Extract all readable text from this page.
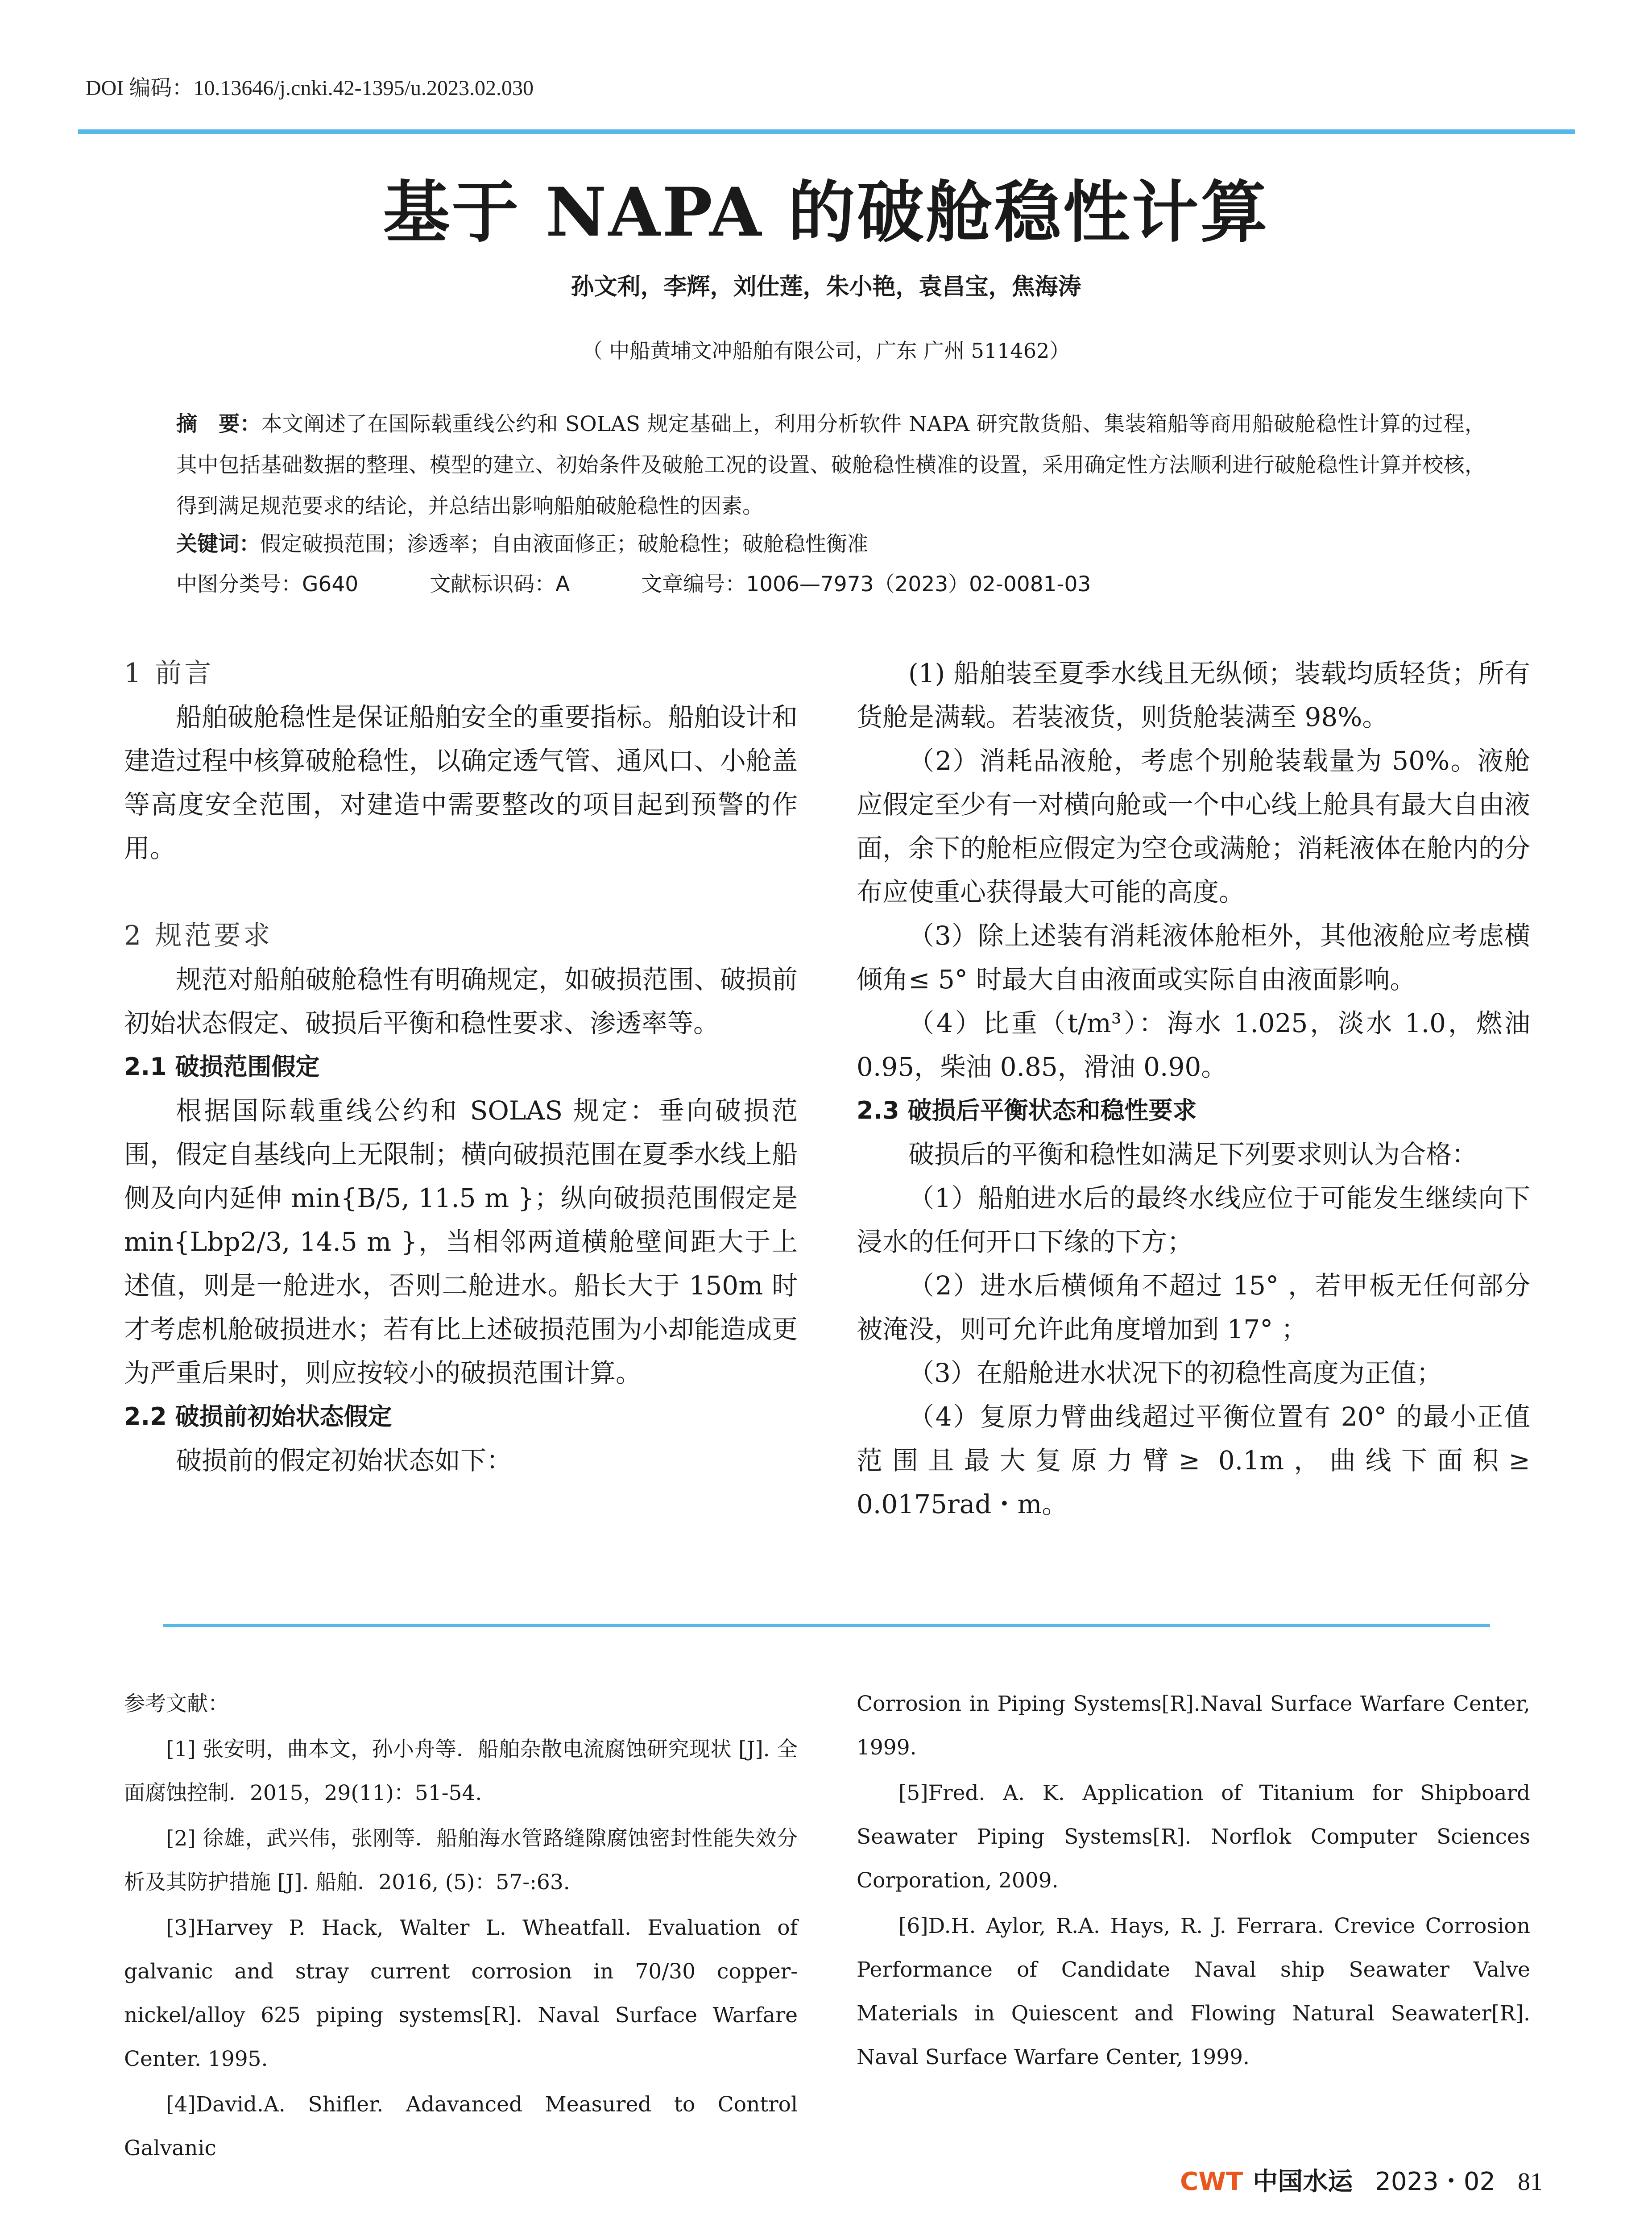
DOI 编码：10.13646/j.cnki.42-1395/u.2023.02.030
基于 NAPA 的破舱稳性计算
孙文利，李辉，刘仕莲，朱小艳，袁昌宝，焦海涛
（ 中船黄埔文冲船舶有限公司，广东 广州 511462）
摘　要：本文阐述了在国际载重线公约和 SOLAS 规定基础上，利用分析软件 NAPA 研究散货船、集装箱船等商用船破舱稳性计算的过程，其中包括基础数据的整理、模型的建立、初始条件及破舱工况的设置、破舱稳性横准的设置，采用确定性方法顺利进行破舱稳性计算并校核，得到满足规范要求的结论，并总结出影响船舶破舱稳性的因素。
关键词：假定破损范围；渗透率；自由液面修正；破舱稳性；破舱稳性衡准
中图分类号：G640	文献标识码：A	文章编号：1006—7973（2023）02-0081-03
1 前言

船舶破舱稳性是保证船舶安全的重要指标。船舶设计和建造过程中核算破舱稳性，以确定透气管、通风口、小舱盖等高度安全范围，对建造中需要整改的项目起到预警的作用。

2 规范要求

规范对船舶破舱稳性有明确规定，如破损范围、破损前初始状态假定、破损后平衡和稳性要求、渗透率等。

2.1 破损范围假定

根据国际载重线公约和 SOLAS 规定：垂向破损范围，假定自基线向上无限制；横向破损范围在夏季水线上船侧及向内延伸 min{B/5, 11.5 m }；纵向破损范围假定是 min{Lbp2/3, 14.5 m }，当相邻两道横舱壁间距大于上述值，则是一舱进水，否则二舱进水。船长大于 150m 时才考虑机舱破损进水；若有比上述破损范围为小却能造成更为严重后果时，则应按较小的破损范围计算。

2.2 破损前初始状态假定

破损前的假定初始状态如下：

(1) 船舶装至夏季水线且无纵倾；装载均质轻货；所有货舱是满载。若装液货，则货舱装满至 98%。

（2）消耗品液舱，考虑个别舱装载量为 50%。液舱应假定至少有一对横向舱或一个中心线上舱具有最大自由液面，余下的舱柜应假定为空仓或满舱；消耗液体在舱内的分布应使重心获得最大可能的高度。

（3）除上述装有消耗液体舱柜外，其他液舱应考虑横倾角≤ 5° 时最大自由液面或实际自由液面影响。

（4）比重（t/m³）：海水 1.025，淡水 1.0，燃油 0.95，柴油 0.85，滑油 0.90。

2.3 破损后平衡状态和稳性要求

破损后的平衡和稳性如满足下列要求则认为合格：

（1）船舶进水后的最终水线应位于可能发生继续向下浸水的任何开口下缘的下方；

（2）进水后横倾角不超过 15° ，若甲板无任何部分被淹没，则可允许此角度增加到 17° ；

（3）在船舱进水状况下的初稳性高度为正值；

（4）复原力臂曲线超过平衡位置有 20° 的最小正值范围且最大复原力臂≥ 0.1m，曲线下面积≥ 0.0175rad・m。

参考文献：

[1] 张安明，曲本文，孙小舟等．船舶杂散电流腐蚀研究现状 [J]. 全面腐蚀控制．2015，29(11)：51-54.

[2] 徐雄，武兴伟，张刚等．船舶海水管路缝隙腐蚀密封性能失效分析及其防护措施 [J]. 船舶．2016, (5)：57-:63.

[3]Harvey P. Hack, Walter L. Wheatfall. Evaluation of galvanic and stray current corrosion in 70/30 copper-nickel/alloy 625 piping systems[R]. Naval Surface Warfare Center. 1995.

[4]David.A. Shifler. Adavanced Measured to Control Galvanic

Corrosion in Piping Systems[R].Naval Surface Warfare Center, 1999.

[5]Fred. A. K. Application of Titanium for Shipboard Seawater Piping Systems[R]. Norflok Computer Sciences Corporation, 2009.

[6]D.H. Aylor, R.A. Hays, R. J. Ferrara. Crevice Corrosion Performance of Candidate Naval ship Seawater Valve Materials in Quiescent and Flowing Natural Seawater[R]. Naval Surface Warfare Center, 1999.

CWT 中国水运 2023・02 81
